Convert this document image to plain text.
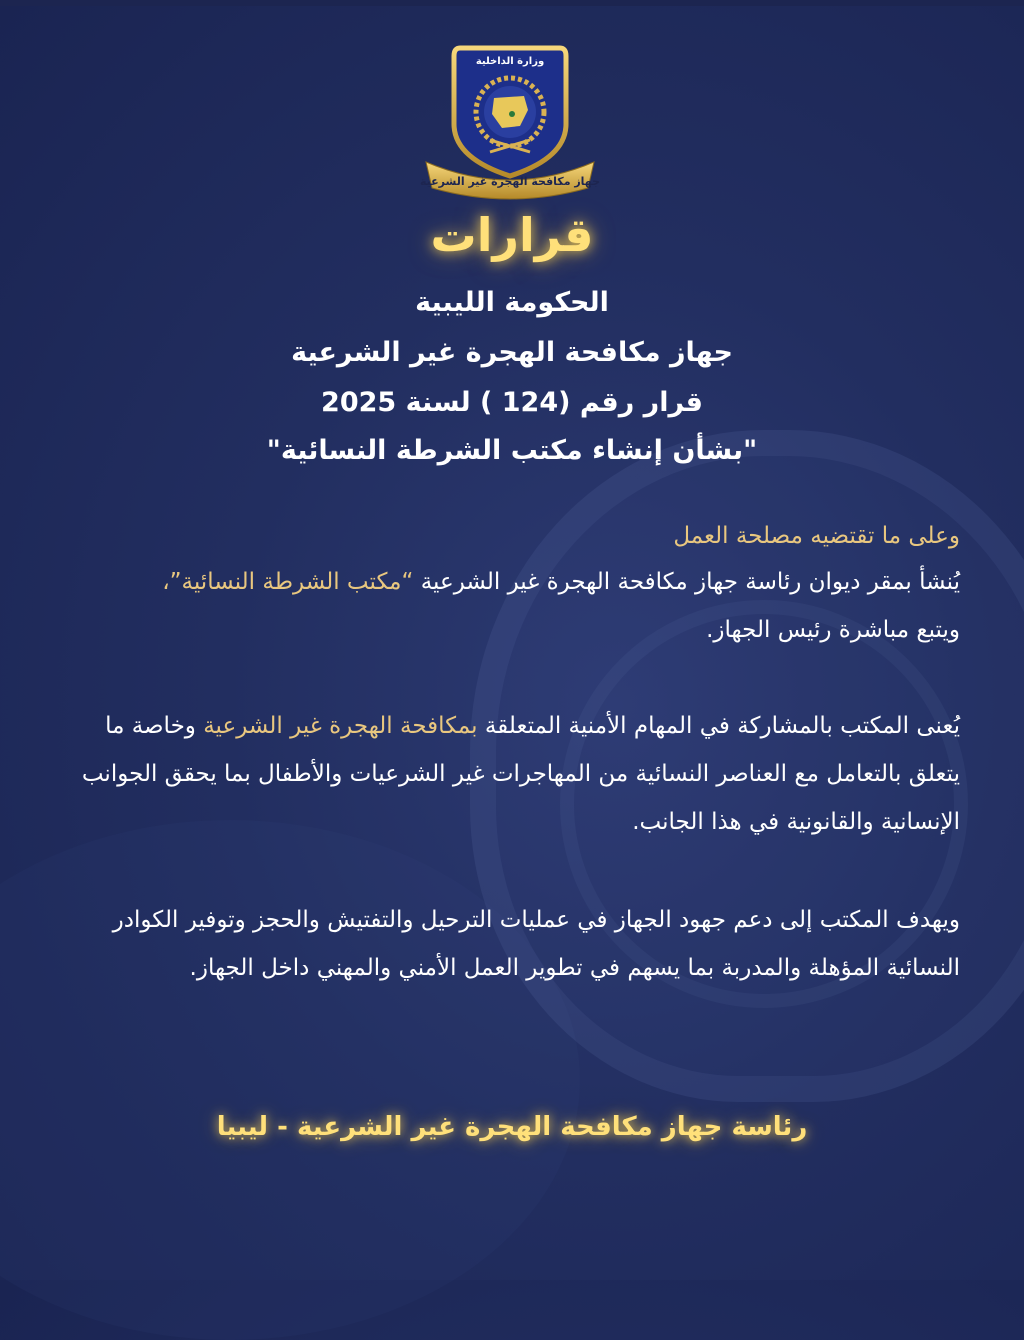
وزارة الداخلية
جهاز مكافحة الهجرة غير الشرعية
قرارات
الحكومة الليبية
جهاز مكافحة الهجرة غير الشرعية
قرار رقم (124 ) لسنة 2025
"بشأن إنشاء مكتب الشرطة النسائية"
وعلى ما تقتضيه مصلحة العمل
يُنشأ بمقر ديوان رئاسة جهاز مكافحة الهجرة غير الشرعية “مكتب الشرطة النسائية”،
ويتبع مباشرة رئيس الجهاز.
يُعنى المكتب بالمشاركة في المهام الأمنية المتعلقة بمكافحة الهجرة غير الشرعية وخاصة ما يتعلق بالتعامل مع العناصر النسائية من المهاجرات غير الشرعيات والأطفال بما يحقق الجوانب الإنسانية والقانونية في هذا الجانب.
ويهدف المكتب إلى دعم جهود الجهاز في عمليات الترحيل والتفتيش والحجز وتوفير الكوادر النسائية المؤهلة والمدربة بما يسهم في تطوير العمل الأمني والمهني داخل الجهاز.
رئاسة جهاز مكافحة الهجرة غير الشرعية - ليبيا
